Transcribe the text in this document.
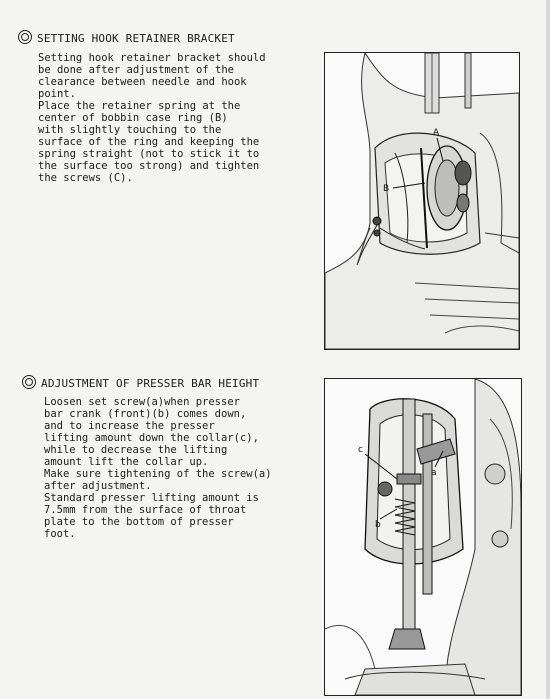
SETTING HOOK RETAINER BRACKET
Setting hook retainer bracket should
be done after adjustment of the
clearance between needle and hook
point.
Place the retainer spring at the
center of bobbin case ring (B)
with slightly touching to the
surface of the ring and keeping the
spring straight (not to stick it to
the surface too strong) and tighten
the screws (C).
A
B
ADJUSTMENT OF PRESSER BAR HEIGHT
Loosen set screw(a)when presser
bar crank (front)(b) comes down,
and to increase the presser
lifting amount down the collar(c),
while to decrease the lifting
amount lift the collar up.
Make sure tightening of the screw(a)
after adjustment.
Standard presser lifting amount is
7.5mm from the surface of throat
plate to the bottom of presser
foot.
c
b
a
